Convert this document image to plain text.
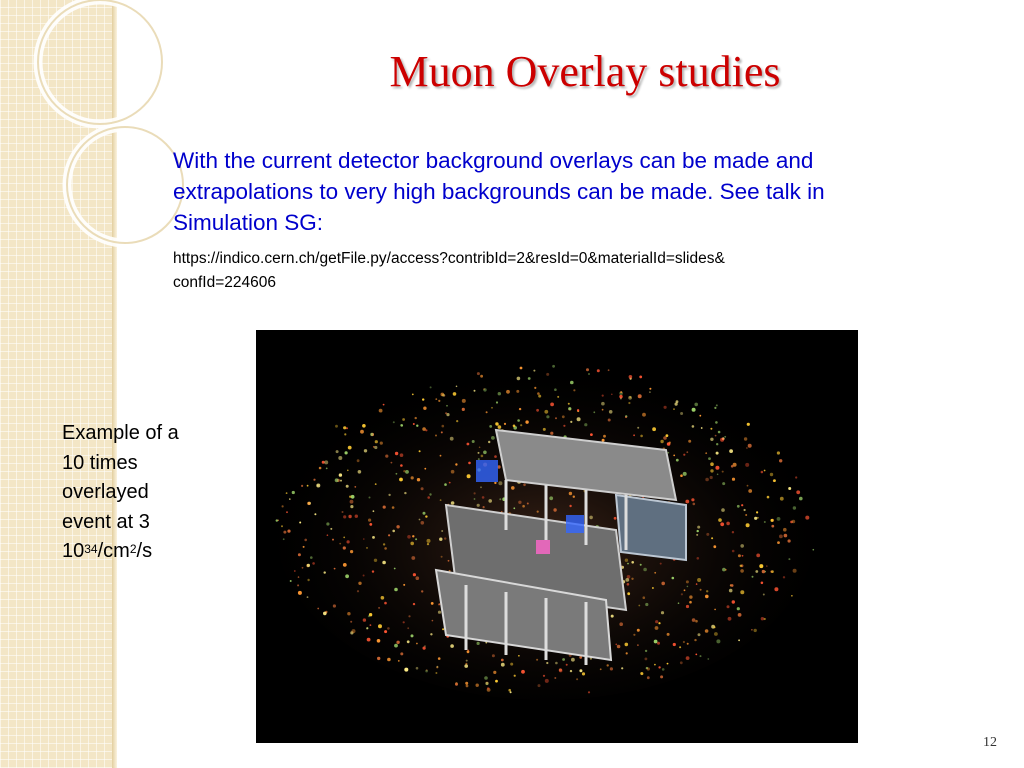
Muon Overlay studies
With the current detector background overlays can be made and extrapolations to very high backgrounds can be made. See talk in Simulation SG:
https://indico.cern.ch/getFile.py/access?contribId=2&resId=0&materialId=slides&
confId=224606
Example of a
10 times
overlayed
event at 3
$10^{34}/cm^2/s$
12
